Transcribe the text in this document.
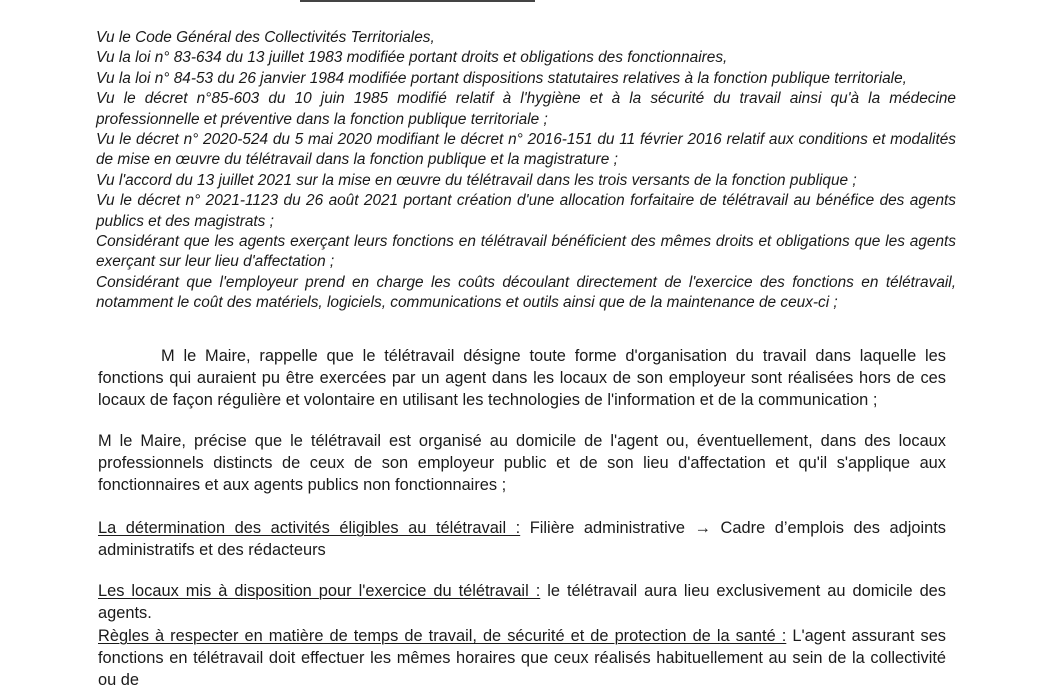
Vu le Code Général des Collectivités Territoriales,
Vu la loi n° 83-634 du 13 juillet 1983 modifiée portant droits et obligations des fonctionnaires,
Vu la loi n° 84-53 du 26 janvier 1984 modifiée portant dispositions statutaires relatives à la fonction publique territoriale,
Vu le décret n°85-603 du 10 juin 1985 modifié relatif à l'hygiène et à la sécurité du travail ainsi qu'à la médecine professionnelle et préventive dans la fonction publique territoriale ;
Vu le décret n° 2020-524 du 5 mai 2020 modifiant le décret n° 2016-151 du 11 février 2016 relatif aux conditions et modalités de mise en œuvre du télétravail dans la fonction publique et la magistrature ;
Vu l'accord du 13 juillet 2021 sur la mise en œuvre du télétravail dans les trois versants de la fonction publique ;
Vu le décret n° 2021-1123 du 26 août 2021 portant création d'une allocation forfaitaire de télétravail au bénéfice des agents publics et des magistrats ;
Considérant que les agents exerçant leurs fonctions en télétravail bénéficient des mêmes droits et obligations que les agents exerçant sur leur lieu d'affectation ;
Considérant que l'employeur prend en charge les coûts découlant directement de l'exercice des fonctions en télétravail, notamment le coût des matériels, logiciels, communications et outils ainsi que de la maintenance de ceux-ci ;

M le Maire, rappelle que le télétravail désigne toute forme d'organisation du travail dans laquelle les fonctions qui auraient pu être exercées par un agent dans les locaux de son employeur sont réalisées hors de ces locaux de façon régulière et volontaire en utilisant les technologies de l'information et de la communication ;

M le Maire, précise que le télétravail est organisé au domicile de l'agent ou, éventuellement, dans des locaux professionnels distincts de ceux de son employeur public et de son lieu d'affectation et qu'il s'applique aux fonctionnaires et aux agents publics non fonctionnaires ;

La détermination des activités éligibles au télétravail : Filière administrative → Cadre d’emplois des adjoints administratifs et des rédacteurs

Les locaux mis à disposition pour l'exercice du télétravail : le télétravail aura lieu exclusivement au domicile des agents.

Règles à respecter en matière de temps de travail, de sécurité et de protection de la santé : L'agent assurant ses fonctions en télétravail doit effectuer les mêmes horaires que ceux réalisés habituellement au sein de la collectivité ou de
